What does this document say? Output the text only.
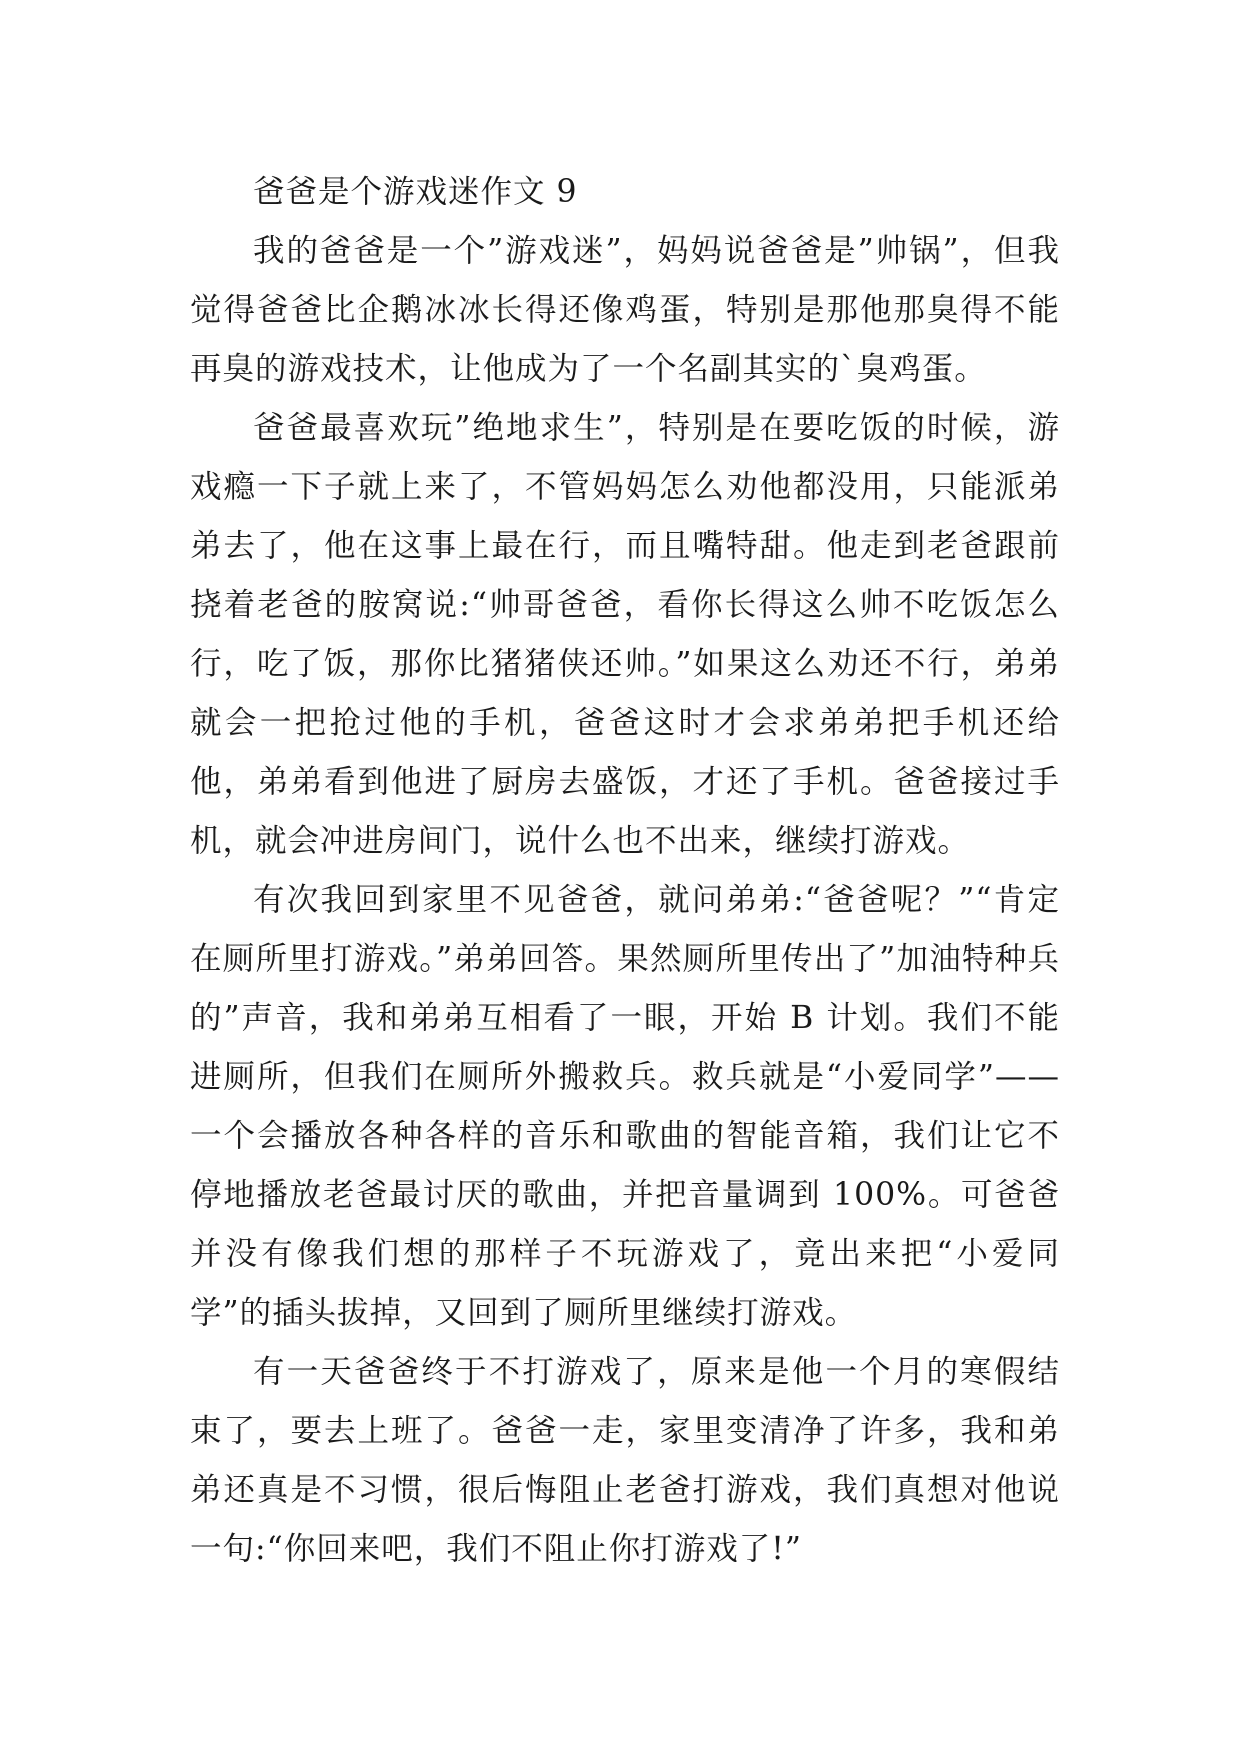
爸爸是个游戏迷作文 9

我的爸爸是一个”游戏迷”，妈妈说爸爸是”帅锅”，但我觉得爸爸比企鹅冰冰长得还像鸡蛋，特别是那他那臭得不能再臭的游戏技术，让他成为了一个名副其实的`臭鸡蛋。

爸爸最喜欢玩”绝地求生”，特别是在要吃饭的时候，游戏瘾一下子就上来了，不管妈妈怎么劝他都没用，只能派弟弟去了，他在这事上最在行，而且嘴特甜。他走到老爸跟前挠着老爸的胺窝说:“帅哥爸爸，看你长得这么帅不吃饭怎么行，吃了饭，那你比猪猪侠还帅。”如果这么劝还不行，弟弟就会一把抢过他的手机，爸爸这时才会求弟弟把手机还给他，弟弟看到他进了厨房去盛饭，才还了手机。爸爸接过手机，就会冲进房间门，说什么也不出来，继续打游戏。

有次我回到家里不见爸爸，就问弟弟:“爸爸呢？”“肯定在厕所里打游戏。”弟弟回答。果然厕所里传出了”加油特种兵的”声音，我和弟弟互相看了一眼，开始 B 计划。我们不能进厕所，但我们在厕所外搬救兵。救兵就是“小爱同学”——一个会播放各种各样的音乐和歌曲的智能音箱，我们让它不停地播放老爸最讨厌的歌曲，并把音量调到 100%。可爸爸并没有像我们想的那样子不玩游戏了，竟出来把“小爱同学”的插头拔掉，又回到了厕所里继续打游戏。

有一天爸爸终于不打游戏了，原来是他一个月的寒假结束了，要去上班了。爸爸一走，家里变清净了许多，我和弟弟还真是不习惯，很后悔阻止老爸打游戏，我们真想对他说一句:“你回来吧，我们不阻止你打游戏了!”
